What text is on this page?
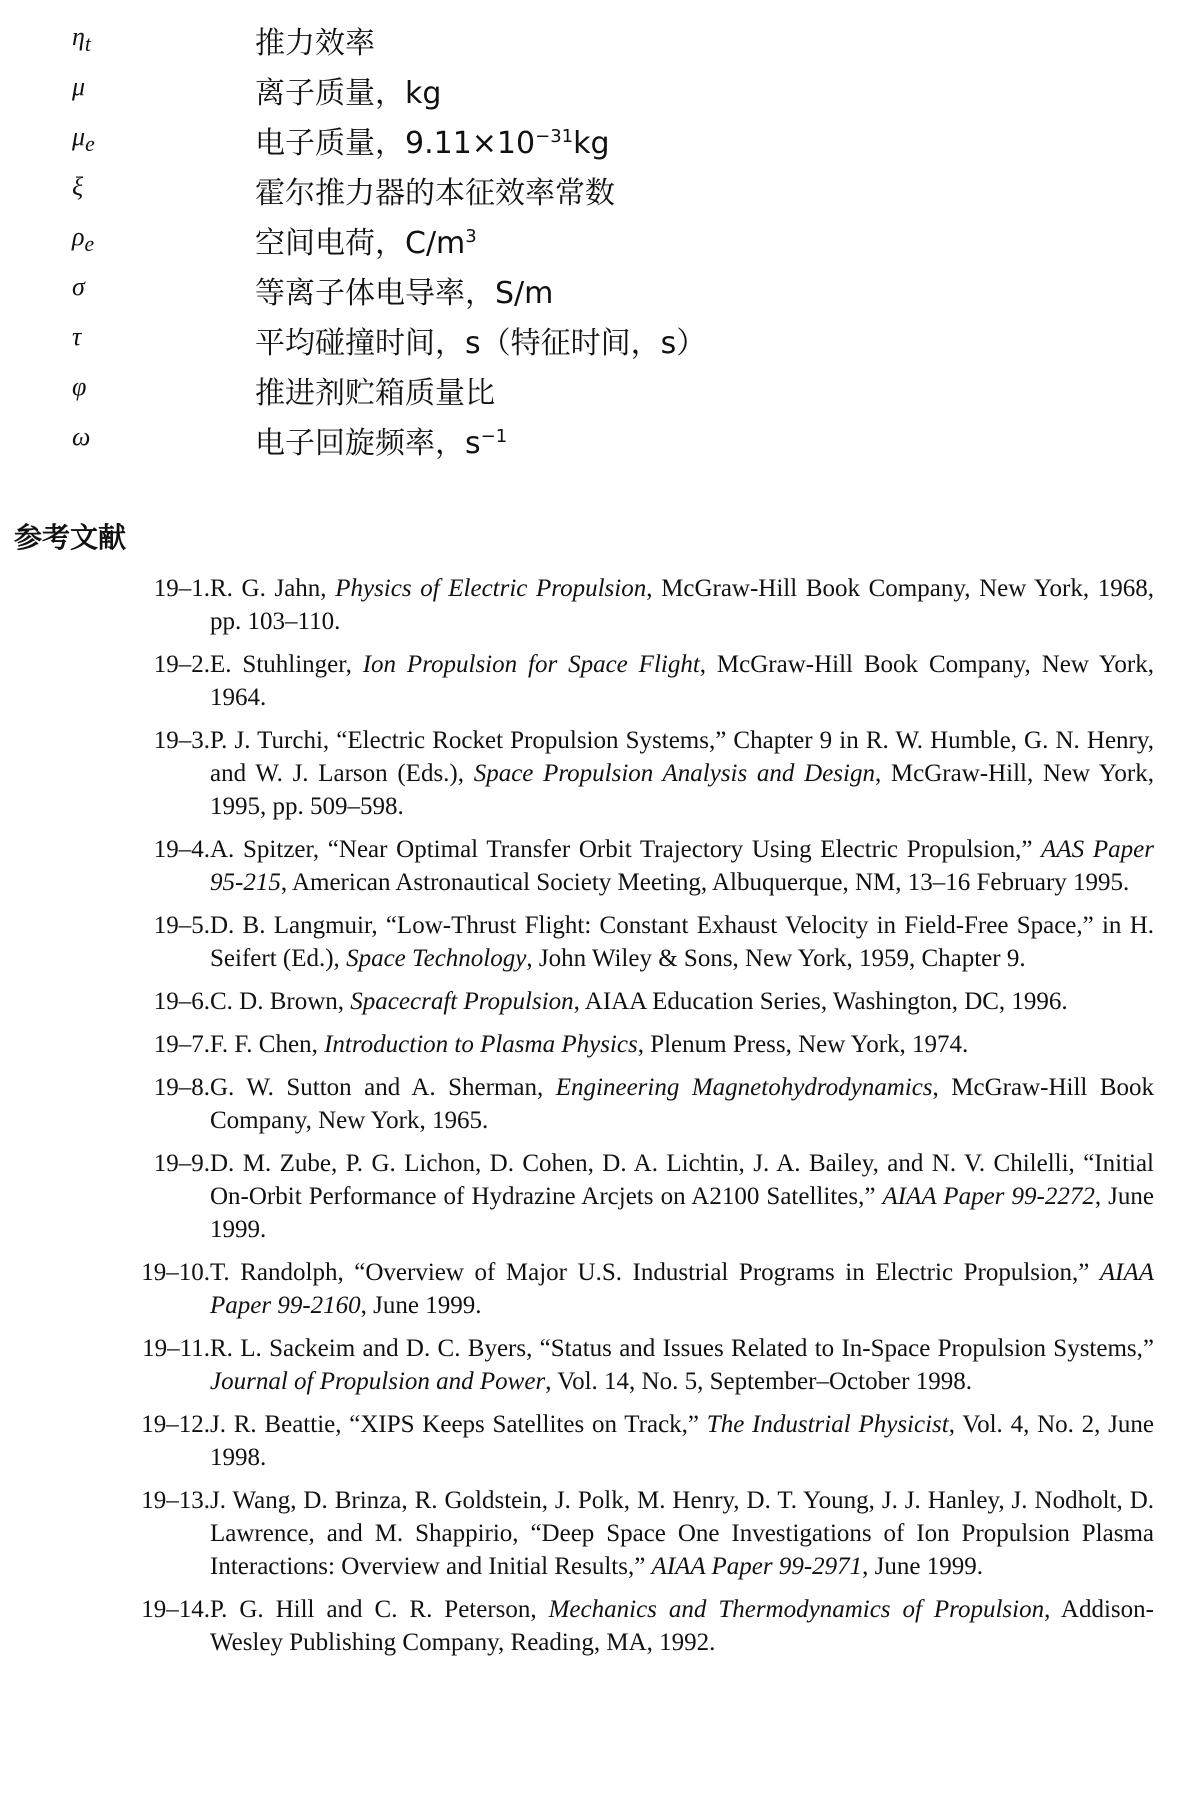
$\eta_t$	推力效率
μ	离子质量，kg
$\mu_e$	电子质量，$9.11\times 10^{-31}kg$
ξ	霍尔推力器的本征效率常数
$\rho_e$	空间电荷，$C/m^3$
σ	等离子体电导率，S/m
τ	平均碰撞时间，s（特征时间，s）
φ	推进剂贮箱质量比
ω	电子回旋频率，$s^{-1}$
参考文献
19–1. R. G. Jahn, Physics of Electric Propulsion, McGraw-Hill Book Company, New York, 1968, pp. 103–110.
19–2. E. Stuhlinger, Ion Propulsion for Space Flight, McGraw-Hill Book Company, New York, 1964.
19–3. P. J. Turchi, “Electric Rocket Propulsion Systems,” Chapter 9 in R. W. Humble, G. N. Henry, and W. J. Larson (Eds.), Space Propulsion Analysis and Design, McGraw-Hill, New York, 1995, pp. 509–598.
19–4. A. Spitzer, “Near Optimal Transfer Orbit Trajectory Using Electric Propulsion,” AAS Paper 95-215, American Astronautical Society Meeting, Albuquerque, NM, 13–16 February 1995.
19–5. D. B. Langmuir, “Low-Thrust Flight: Constant Exhaust Velocity in Field-Free Space,” in H. Seifert (Ed.), Space Technology, John Wiley & Sons, New York, 1959, Chapter 9.
19–6. C. D. Brown, Spacecraft Propulsion, AIAA Education Series, Washington, DC, 1996.
19–7. F. F. Chen, Introduction to Plasma Physics, Plenum Press, New York, 1974.
19–8. G. W. Sutton and A. Sherman, Engineering Magnetohydrodynamics, McGraw-Hill Book Company, New York, 1965.
19–9. D. M. Zube, P. G. Lichon, D. Cohen, D. A. Lichtin, J. A. Bailey, and N. V. Chilelli, “Initial On-Orbit Performance of Hydrazine Arcjets on A2100 Satellites,” AIAA Paper 99-2272, June 1999.
19–10. T. Randolph, “Overview of Major U.S. Industrial Programs in Electric Propulsion,” AIAA Paper 99-2160, June 1999.
19–11. R. L. Sackeim and D. C. Byers, “Status and Issues Related to In-Space Propulsion Systems,” Journal of Propulsion and Power, Vol. 14, No. 5, September–October 1998.
19–12. J. R. Beattie, “XIPS Keeps Satellites on Track,” The Industrial Physicist, Vol. 4, No. 2, June 1998.
19–13. J. Wang, D. Brinza, R. Goldstein, J. Polk, M. Henry, D. T. Young, J. J. Hanley, J. Nodholt, D. Lawrence, and M. Shappirio, “Deep Space One Investigations of Ion Propulsion Plasma Interactions: Overview and Initial Results,” AIAA Paper 99-2971, June 1999.
19–14. P. G. Hill and C. R. Peterson, Mechanics and Thermodynamics of Propulsion, Addison-Wesley Publishing Company, Reading, MA, 1992.
